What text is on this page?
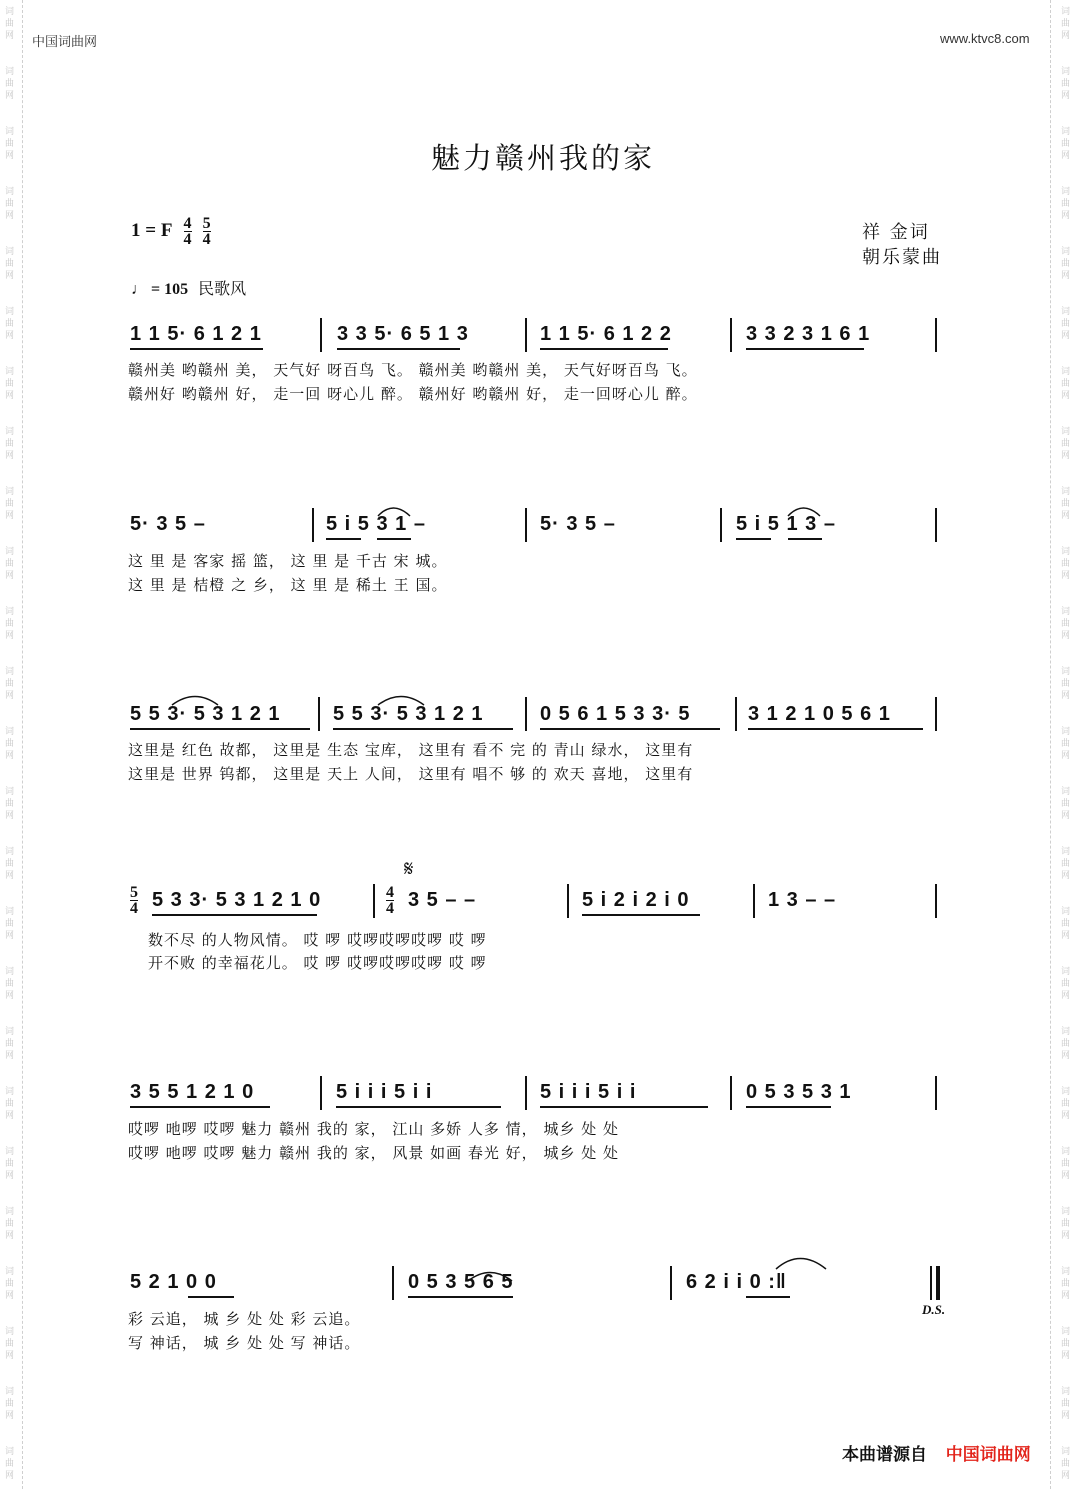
词曲网
词曲网
词曲网
词曲网
词曲网
词曲网
词曲网
词曲网
词曲网
词曲网
词曲网
词曲网
词曲网
词曲网
词曲网
词曲网
词曲网
词曲网
词曲网
词曲网
词曲网
词曲网
词曲网
词曲网
词曲网
词曲网
词曲网
词曲网
词曲网
词曲网
词曲网
词曲网
词曲网
词曲网
词曲网
词曲网
词曲网
词曲网
词曲网
词曲网
词曲网
词曲网
词曲网
词曲网
词曲网
词曲网
词曲网
词曲网
词曲网
词曲网
中国词曲网	www.ktvc8.com
魅力赣州我的家
1 = F $\frac{4}{4}$
$\frac{5}{4}$	祥 金词
朝乐蒙曲
♩ = 105 民歌风
1 1 5· 6 1 2 1	3 3 5· 6 5 1 3	1 1 5· 6 1 2 2	3 3 2 3 1 6 1
赣州美 哟赣州 美， 天气好 呀百鸟 飞。 赣州美 哟赣州 美， 天气好呀百鸟 飞。
赣州好 哟赣州 好， 走一回 呀心儿 醉。 赣州好 哟赣州 好， 走一回呀心儿 醉。
5· 3 5 –	5 i 5 3 1 –	5· 3 5 –	5 i 5 1 3 –
这 里 是 客家 摇 篮， 这 里 是 千古 宋 城。
这 里 是 桔橙 之 乡， 这 里 是 稀土 王 国。
5 5 3· 5 3 1 2 1	5 5 3· 5 3 1 2 1	0 5 6 1 5 3 3· 5	3 1 2 1 0 5 6 1
这里是 红色 故都， 这里是 生态 宝库， 这里有 看不 完 的 青山 绿水， 这里有
这里是 世界 钨都， 这里是 天上 人间， 这里有 唱不 够 的 欢天 喜地， 这里有
𝄋
$\frac{5}{4} 5$ 3 3· 5 3 1 2 1 0	$\frac{4}{4} 3$ 5 – –	5 i 2 i 2 i 0	1 3 – –
数不尽 的人物风情。 哎 啰 哎啰哎啰哎啰 哎 啰
开不败 的幸福花儿。 哎 啰 哎啰哎啰哎啰 哎 啰
3 5 5 1 2 1 0	5 i i i 5 i i	5 i i i 5 i i	0 5 3 5 3 1
哎啰 吔啰 哎啰 魅力 赣州 我的 家， 江山 多娇 人多 情， 城乡 处 处
哎啰 吔啰 哎啰 魅力 赣州 我的 家， 风景 如画 春光 好， 城乡 处 处
5 2 1 0 0	0 5 3 5 6 5	6 2 i i 0 :‖
D.S.
彩 云追， 城 乡 处 处 彩 云追。
写 神话， 城 乡 处 处 写 神话。
本曲谱源自 中国词曲网
